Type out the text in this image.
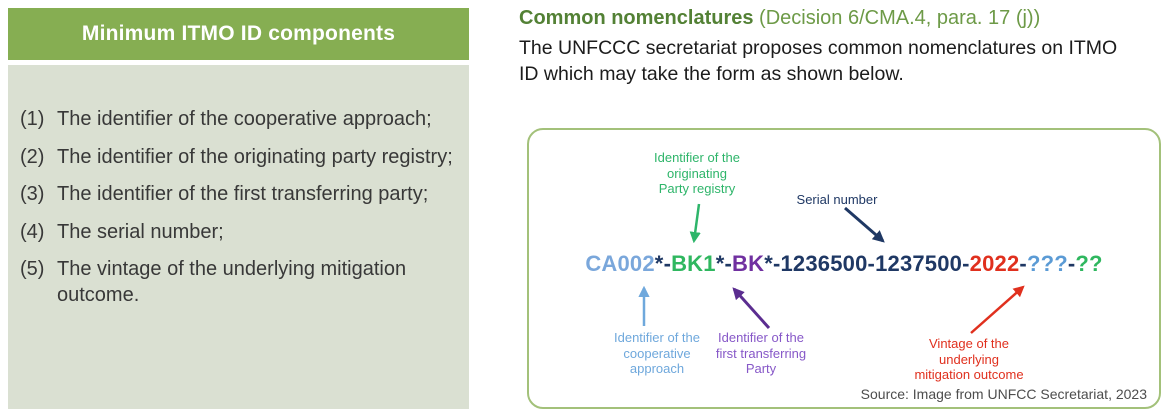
Minimum ITMO ID components
(1) The identifier of the cooperative approach;
(2) The identifier of the originating party registry;
(3) The identifier of the first transferring party;
(4) The serial number;
(5) The vintage of the underlying mitigation outcome.
Common nomenclatures (Decision 6/CMA.4, para. 17 (j))
The UNFCCC secretariat proposes common nomenclatures on ITMO ID which may take the form as shown below.
Identifier of the
originating
Party registry
Serial number
CA002*-BK1*-BK*-1236500-1237500-2022-???-??
Identifier of the
cooperative
approach
Identifier of the
first transferring
Party
Vintage of the
underlying
mitigation outcome
Source: Image from UNFCC Secretariat, 2023
